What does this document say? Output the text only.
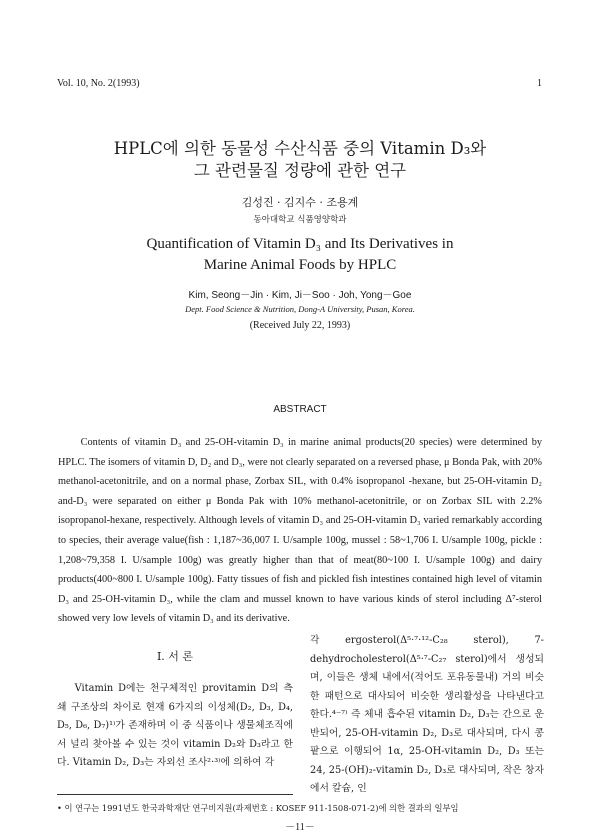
Vol. 10, No. 2(1993)	1
HPLC에 의한 동물성 수산식품 중의 Vitamin D₃와
그 관련물질 정량에 관한 연구
김성진 · 김지수 · 조용계
동아대학교 식품영양학과
Quantification of Vitamin D₃ and Its Derivatives in
Marine Animal Foods by HPLC
Kim, Seong－Jin · Kim, Ji－Soo · Joh, Yong－Goe
Dept. Food Science & Nutrition, Dong-A University, Pusan, Korea.
(Received July 22, 1993)
ABSTRACT
Contents of vitamin D₃ and 25-OH-vitamin D₃ in marine animal products(20 species) were determined by HPLC. The isomers of vitamin D, D₂ and D₃, were not clearly separated on a reversed phase, μ Bonda Pak, with 20% methanol-acetonitrile, and on a normal phase, Zorbax SIL, with 0.4% isopropanol -hexane, but 25-OH-vitamin D₂ and-D₃ were separated on either μ Bonda Pak with 10% methanol-acetonitrile, or on Zorbax SIL with 2.2% isopropanol-hexane, respectively. Although levels of vitamin D₃ and 25-OH-vitamin D₃ varied remarkably according to species, their average value(fish : 1,187~36,007 I. U/sample 100g, mussel : 58~1,706 I. U/sample 100g, pickle : 1,208~79,358 I. U/sample 100g) was greatly higher than that of meat(80~100 I. U/sample 100g) and dairy products(400~800 I. U/sample 100g). Fatty tissues of fish and pickled fish intestines contained high level of vitamin D₃ and 25-OH-vitamin D₃, while the clam and mussel known to have various kinds of sterol including Δ⁷-sterol showed very low levels of vitamin D₃ and its derivative.
I. 서 론
Vitamin D에는 천구체적인 provitamin D의 측쇄 구조상의 차이로 현재 6가지의 이성체(D₂, D₃, D₄, D₅, D₆, D₇)¹⁾가 존재하며 이 중 식품이나 생물체조직에서 널리 찾아볼 수 있는 것이 vitamin D₂와 D₃라고 한다. Vitamin D₂, D₃는 자외선 조사²·³⁾에 의하여 각
각 ergosterol(Δ⁵·⁷·¹²-C₂₈ sterol), 7-dehydrocholesterol(Δ⁵·⁷-C₂₇ sterol)에서 생성되며, 이들은 생체 내에서(적어도 포유동물내) 거의 비슷한 패턴으로 대사되어 비슷한 생리활성을 나타낸다고 한다.⁴⁻⁷⁾ 즉 체내 흡수된 vitamin D₂, D₃는 간으로 운반되어, 25-OH-vitamin D₂, D₃로 대사되며, 다시 콩팥으로 이행되어 1α, 25-OH-vitamin D₂, D₃ 또는 24, 25-(OH)₂-vitamin D₂, D₃로 대사되며, 작은 창자에서 칼슘, 인
• 이 연구는 1991년도 한국과학재단 연구비지원(과제번호 : KOSEF 911-1508-071-2)에 의한 결과의 일부임
－11－
